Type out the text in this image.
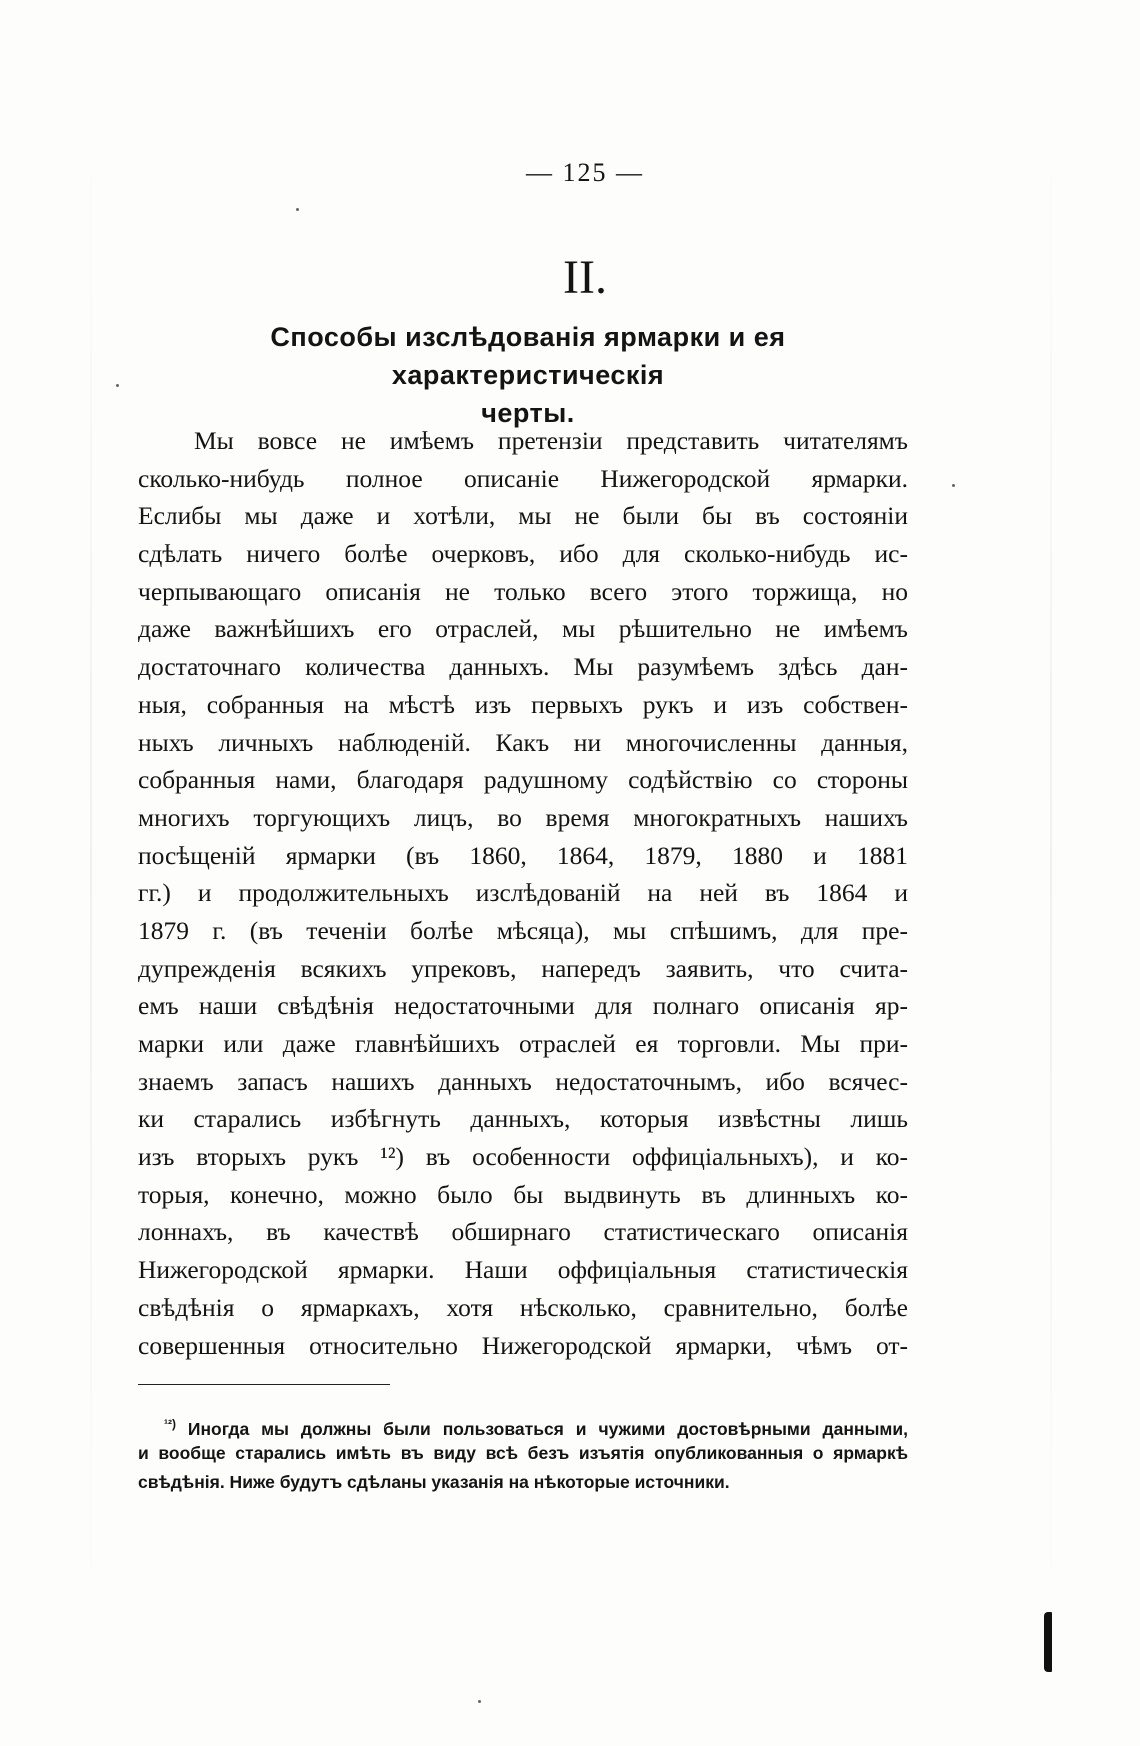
— 125 —
II.
Способы изслѣдованія ярмарки и ея характеристическія
черты.
Мы вовсе не имѣемъ претензіи представить читателямъ
сколько-нибудь полное описаніе Нижегородской ярмарки.
Еслибы мы даже и хотѣли, мы не были бы въ состояніи
сдѣлать ничего болѣе очерковъ, ибо для сколько-нибудь ис-
черпывающаго описанія не только всего этого торжища, но
даже важнѣйшихъ его отраслей, мы рѣшительно не имѣемъ
достаточнаго количества данныхъ. Мы разумѣемъ здѣсь дан-
ныя, собранныя на мѣстѣ изъ первыхъ рукъ и изъ собствен-
ныхъ личныхъ наблюденій. Какъ ни многочисленны данныя,
собранныя нами, благодаря радушному содѣйствію со стороны
многихъ торгующихъ лицъ, во время многократныхъ нашихъ
посѣщеній ярмарки (въ 1860, 1864, 1879, 1880 и 1881
гг.) и продолжительныхъ изслѣдованій на ней въ 1864 и
1879 г. (въ теченіи болѣе мѣсяца), мы спѣшимъ, для пре-
дупрежденія всякихъ упрековъ, напередъ заявить, что счита-
емъ наши свѣдѣнія недостаточными для полнаго описанія яр-
марки или даже главнѣйшихъ отраслей ея торговли. Мы при-
знаемъ запасъ нашихъ данныхъ недостаточнымъ, ибо всячес-
ки старались избѣгнуть данныхъ, которыя извѣстны лишь
изъ вторыхъ рукъ ¹²) въ особенности оффиціальныхъ), и ко-
торыя, конечно, можно было бы выдвинуть въ длинныхъ ко-
лоннахъ, въ качествѣ обширнаго статистическаго описанія
Нижегородской ярмарки. Наши оффиціальныя статистическія
свѣдѣнія о ярмаркахъ, хотя нѣсколько, сравнительно, болѣе
совершенныя относительно Нижегородской ярмарки, чѣмъ от-
$^{^{12})}$ Иногда мы должны были пользоваться и чужими достовѣрными данными,
и вообще старались имѣть въ виду всѣ безъ изъятія опубликованныя о ярмаркѣ
свѣдѣнія. Ниже будутъ сдѣланы указанія на нѣкоторые источники.
